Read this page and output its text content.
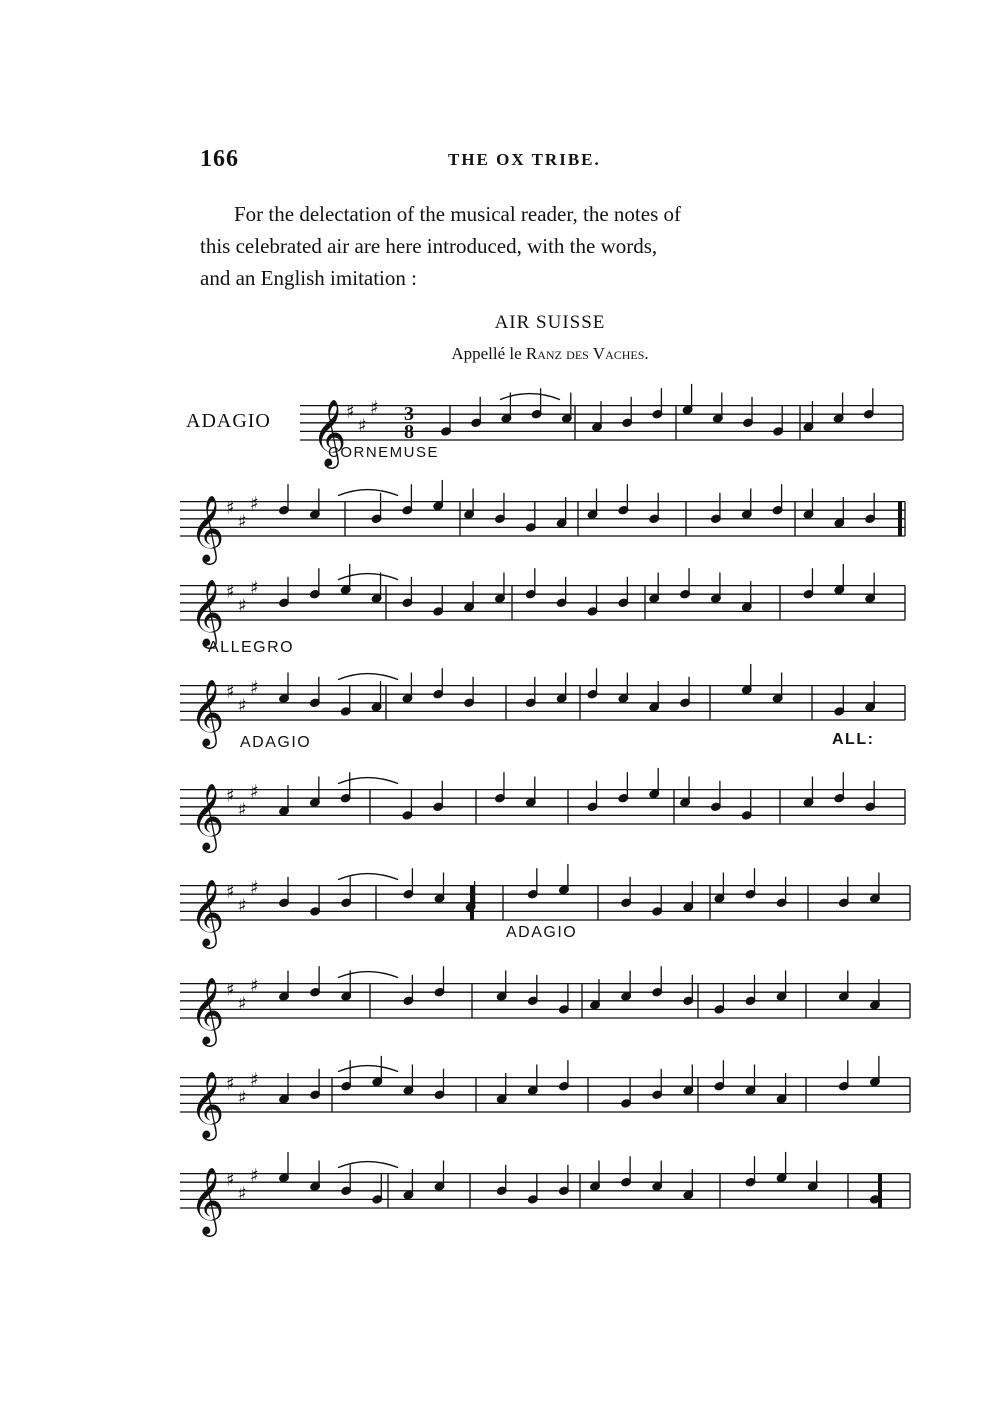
166	THE OX TRIBE.
For the delectation of the musical reader, the notes of
this celebrated air are here introduced, with the words,
and an English imitation :
AIR SUISSE
Appellé le Ranz des Vaches.
ADAGIO
CORNEMUSE
ALLEGRO
ADAGIO	ALL:
ADAGIO
𝄞 ♯
♯
♯
𝄞 ♯
♯
♯
𝄞 ♯
♯
♯
𝄞 ♯
♯
♯
𝄞 ♯
♯
♯
𝄞 ♯
♯
♯
𝄞 ♯
♯
♯
𝄞 ♯
♯
♯
𝄞 ♯
♯
♯
3
8
